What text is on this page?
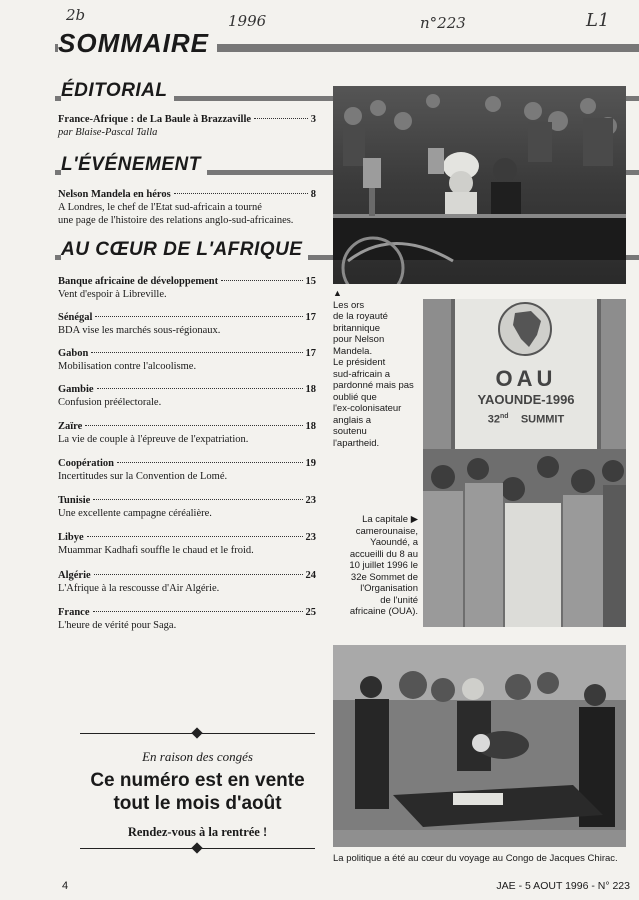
2b	1996	n°223	L1
SOMMAIRE
ÉDITORIAL
France-Afrique : de La Baule à Brazzaville	3
par Blaise-Pascal Talla
L'ÉVÉNEMENT
Nelson Mandela en héros	8
A Londres, le chef de l'Etat sud-africain a tourné
une page de l'histoire des relations anglo-sud-africaines.
AU CŒUR DE L'AFRIQUE
Banque africaine de développement	15
Vent d'espoir à Libreville.
Sénégal	17
BDA vise les marchés sous-régionaux.
Gabon	17
Mobilisation contre l'alcoolisme.
Gambie	18
Confusion préélectorale.
Zaïre	18
La vie de couple à l'épreuve de l'expatriation.
Coopération	19
Incertitudes sur la Convention de Lomé.
Tunisie	23
Une excellente campagne céréalière.
Libye	23
Muammar Kadhafi souffle le chaud et le froid.
Algérie	24
L'Afrique à la rescousse d'Air Algérie.
France	25
L'heure de vérité pour Saga.
En raison des congés
Ce numéro est en vente
tout le mois d'août
Rendez-vous à la rentrée !
▲
Les ors
de la royauté
britannique
pour Nelson
Mandela.
Le président
sud-africain a
pardonné mais pas
oublié que
l'ex-colonisateur
anglais a
soutenu
l'apartheid.
OAU
YAOUNDE-1996
32nd SUMMIT
La capitale ▶
camerounaise,
Yaoundé, a
accueilli du 8 au
10 juillet 1996 le
32e Sommet de
l'Organisation
de l'unité
africaine (OUA).
La politique a été au cœur du voyage au Congo de Jacques Chirac.
4	JAE - 5 AOUT 1996 - N° 223
